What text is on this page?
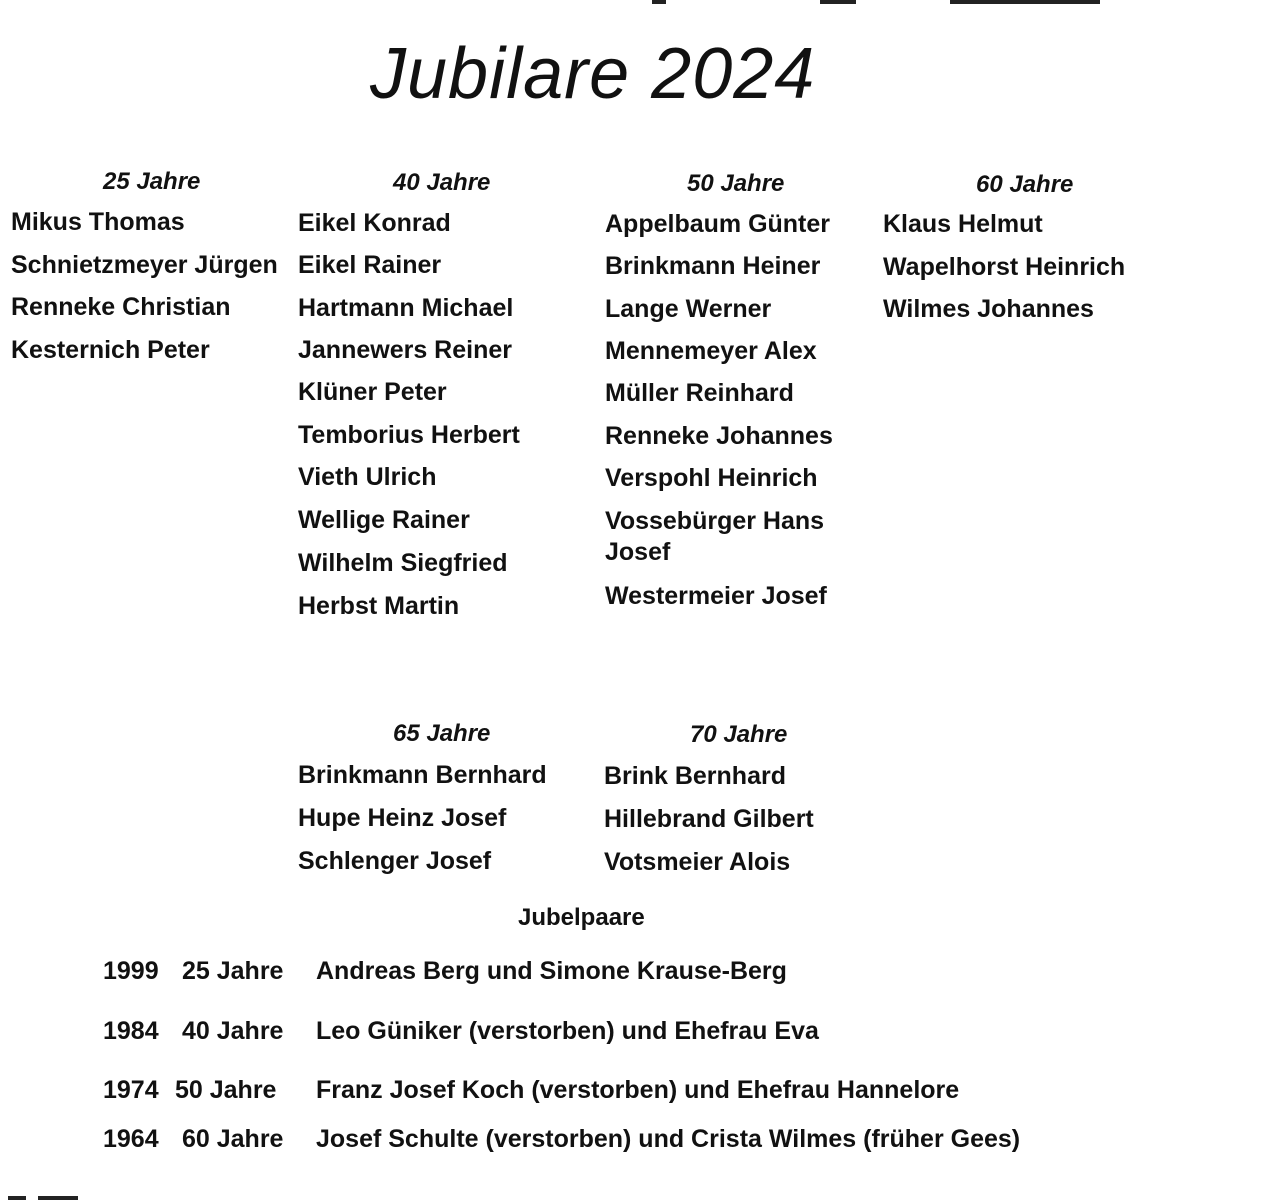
Jubilare 2024
25 Jahre
Mikus Thomas
Schnietzmeyer Jürgen
Renneke Christian
Kesternich Peter
40 Jahre
Eikel Konrad
Eikel Rainer
Hartmann Michael
Jannewers Reiner
Klüner Peter
Temborius Herbert
Vieth Ulrich
Wellige Rainer
Wilhelm Siegfried
Herbst Martin
50 Jahre
Appelbaum Günter
Brinkmann Heiner
Lange Werner
Mennemeyer Alex
Müller Reinhard
Renneke Johannes
Verspohl Heinrich
Vossebürger Hans Josef
Westermeier Josef
60 Jahre
Klaus Helmut
Wapelhorst Heinrich
Wilmes Johannes
65 Jahre
Brinkmann Bernhard
Hupe Heinz Josef
Schlenger Josef
70 Jahre
Brink Bernhard
Hillebrand Gilbert
Votsmeier Alois
Jubelpaare
1999 25 Jahre Andreas Berg und Simone Krause-Berg
1984 40 Jahre Leo Güniker (verstorben) und Ehefrau Eva
1974 50 Jahre Franz Josef Koch (verstorben) und Ehefrau Hannelore
1964 60 Jahre Josef Schulte (verstorben) und Crista Wilmes (früher Gees)
